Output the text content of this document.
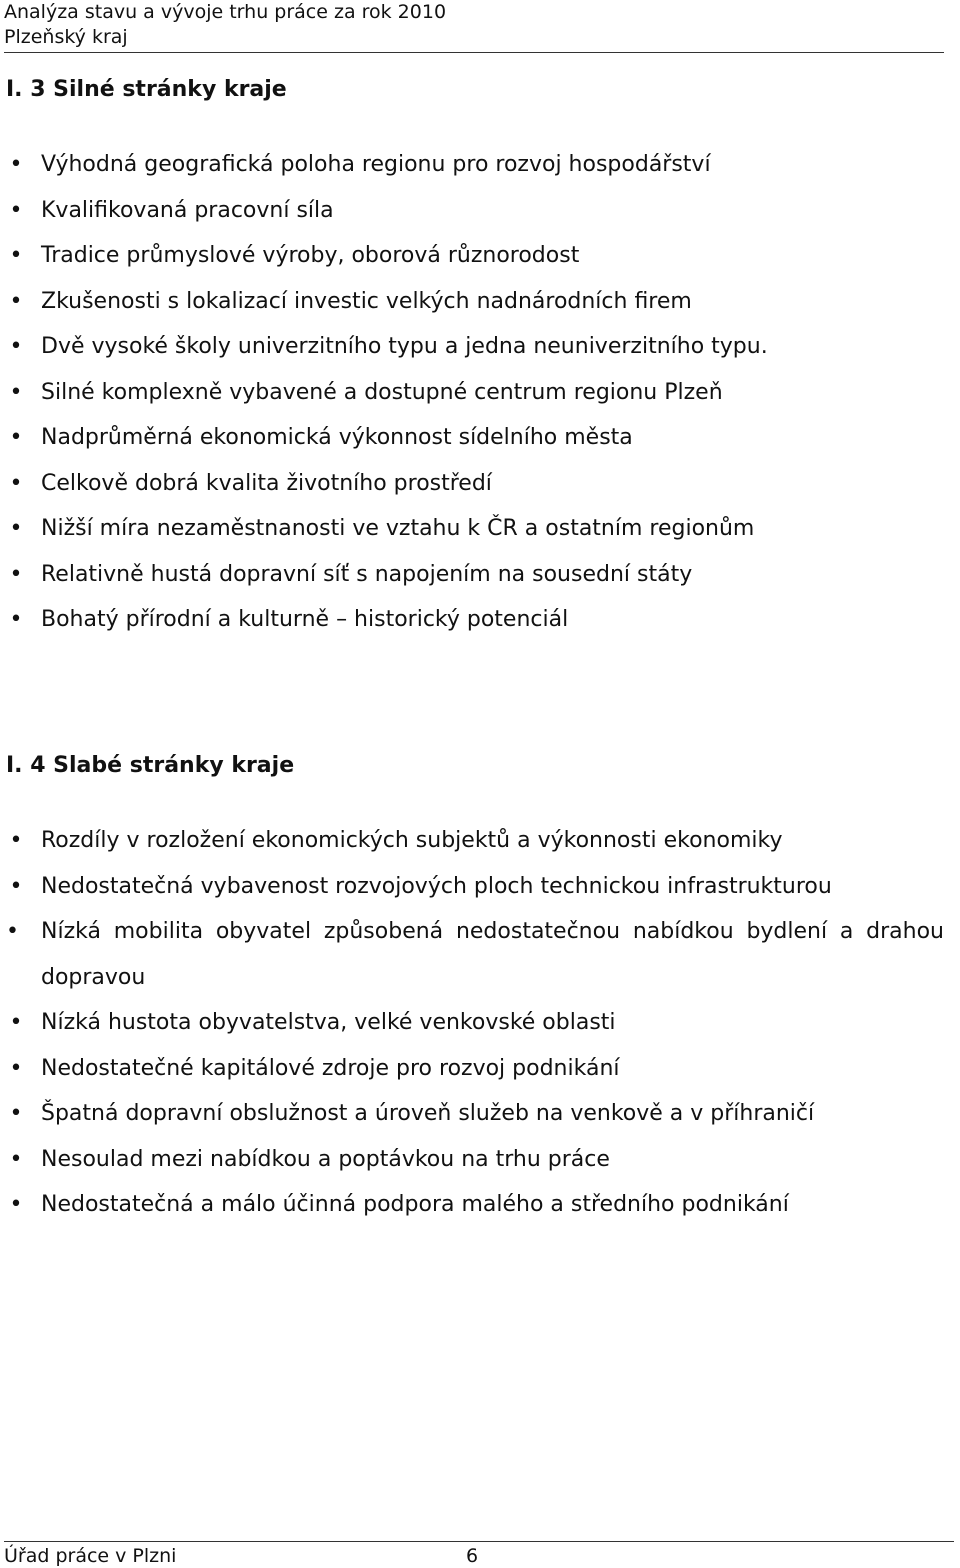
Analýza stavu a vývoje trhu práce za rok 2010
Plzeňský kraj
I. 3 Silné stránky kraje
• Výhodná geografická poloha regionu pro rozvoj hospodářství
• Kvalifikovaná pracovní síla
• Tradice průmyslové výroby, oborová různorodost
• Zkušenosti s lokalizací investic velkých nadnárodních firem
• Dvě vysoké školy univerzitního typu a jedna neuniverzitního typu.
• Silné komplexně vybavené a dostupné centrum regionu Plzeň
• Nadprůměrná ekonomická výkonnost sídelního města
• Celkově dobrá kvalita životního prostředí
• Nižší míra nezaměstnanosti ve vztahu k ČR a ostatním regionům
• Relativně hustá dopravní síť s napojením na sousední státy
• Bohatý přírodní a kulturně – historický potenciál
I. 4 Slabé stránky kraje
• Rozdíly v rozložení ekonomických subjektů a výkonnosti ekonomiky
• Nedostatečná vybavenost rozvojových ploch technickou infrastrukturou
•	Nízká mobilita obyvatel způsobená nedostatečnou nabídkou bydlení a drahou dopravou
• Nízká hustota obyvatelstva, velké venkovské oblasti
• Nedostatečné kapitálové zdroje pro rozvoj podnikání
• Špatná dopravní obslužnost a úroveň služeb na venkově a v příhraničí
• Nesoulad mezi nabídkou a poptávkou na trhu práce
• Nedostatečná a málo účinná podpora malého a středního podnikání
Úřad práce v Plzni	6
